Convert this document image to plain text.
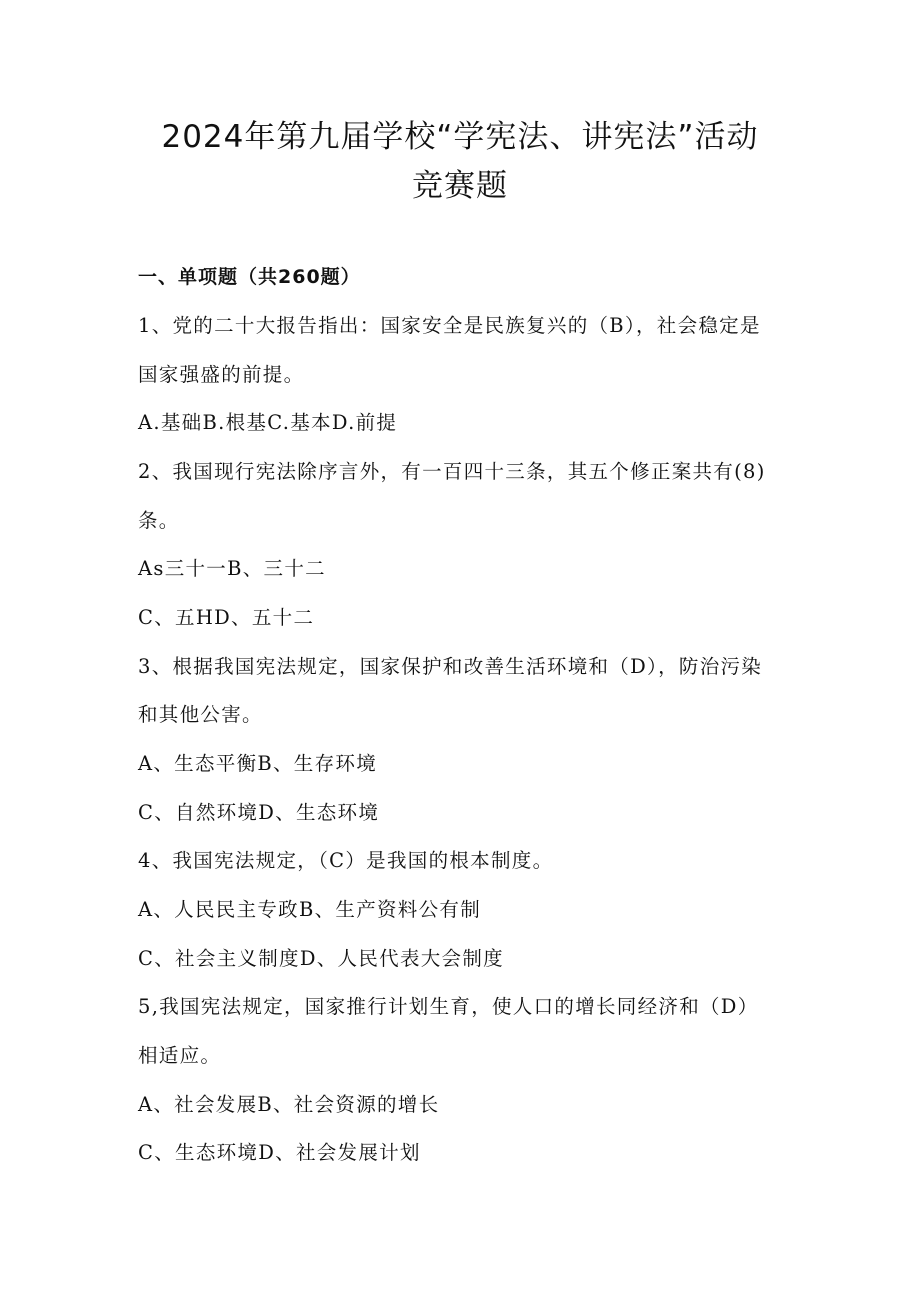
2024年第九届学校“学宪法、讲宪法”活动
竞赛题
一、单项题（共260题）
1、党的二十大报告指出：国家安全是民族复兴的（B），社会稳定是
国家强盛的前提。
A.基础B.根基C.基本D.前提
2、我国现行宪法除序言外，有一百四十三条，其五个修正案共有(8)
条。
As三十一B、三十二
C、五HD、五十二
3、根据我国宪法规定，国家保护和改善生活环境和（D），防治污染
和其他公害。
A、生态平衡B、生存环境
C、自然环境D、生态环境
4、我国宪法规定，（C）是我国的根本制度。
A、人民民主专政B、生产资料公有制
C、社会主义制度D、人民代表大会制度
5,我国宪法规定，国家推行计划生育，使人口的增长同经济和（D）
相适应。
A、社会发展B、社会资源的增长
C、生态环境D、社会发展计划
